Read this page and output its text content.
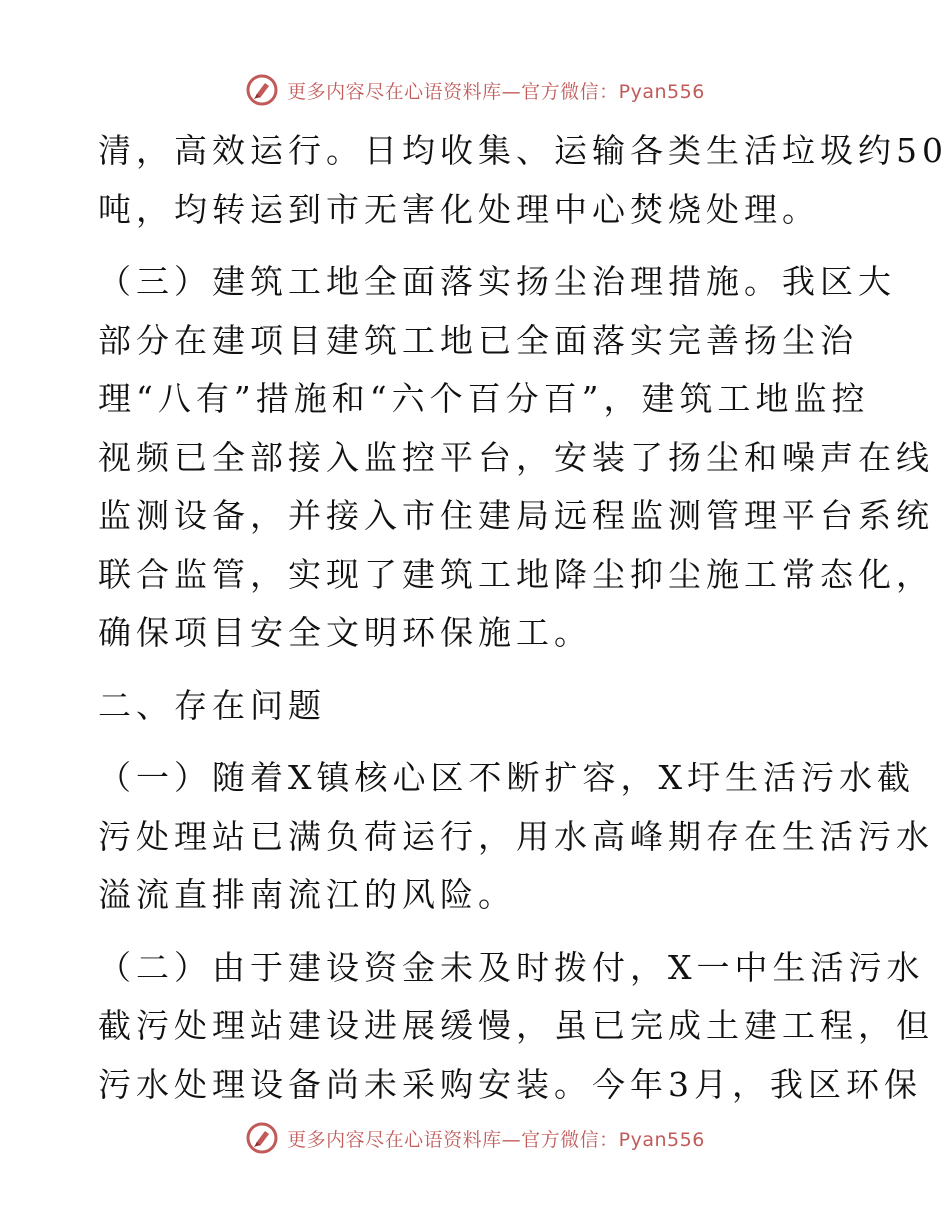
更多内容尽在心语资料库—官方微信：Pyan556

清，高效运行。日均收集、运输各类生活垃圾约50
吨，均转运到市无害化处理中心焚烧处理。

（三）建筑工地全面落实扬尘治理措施。我区大
部分在建项目建筑工地已全面落实完善扬尘治
理“八有”措施和“六个百分百”，建筑工地监控
视频已全部接入监控平台，安装了扬尘和噪声在线
监测设备，并接入市住建局远程监测管理平台系统
联合监管，实现了建筑工地降尘抑尘施工常态化，
确保项目安全文明环保施工。

二、存在问题

（一）随着X镇核心区不断扩容，X圩生活污水截
污处理站已满负荷运行，用水高峰期存在生活污水
溢流直排南流江的风险。

（二）由于建设资金未及时拨付，X一中生活污水
截污处理站建设进展缓慢，虽已完成土建工程，但
污水处理设备尚未采购安装。今年3月，我区环保

更多内容尽在心语资料库—官方微信：Pyan556
